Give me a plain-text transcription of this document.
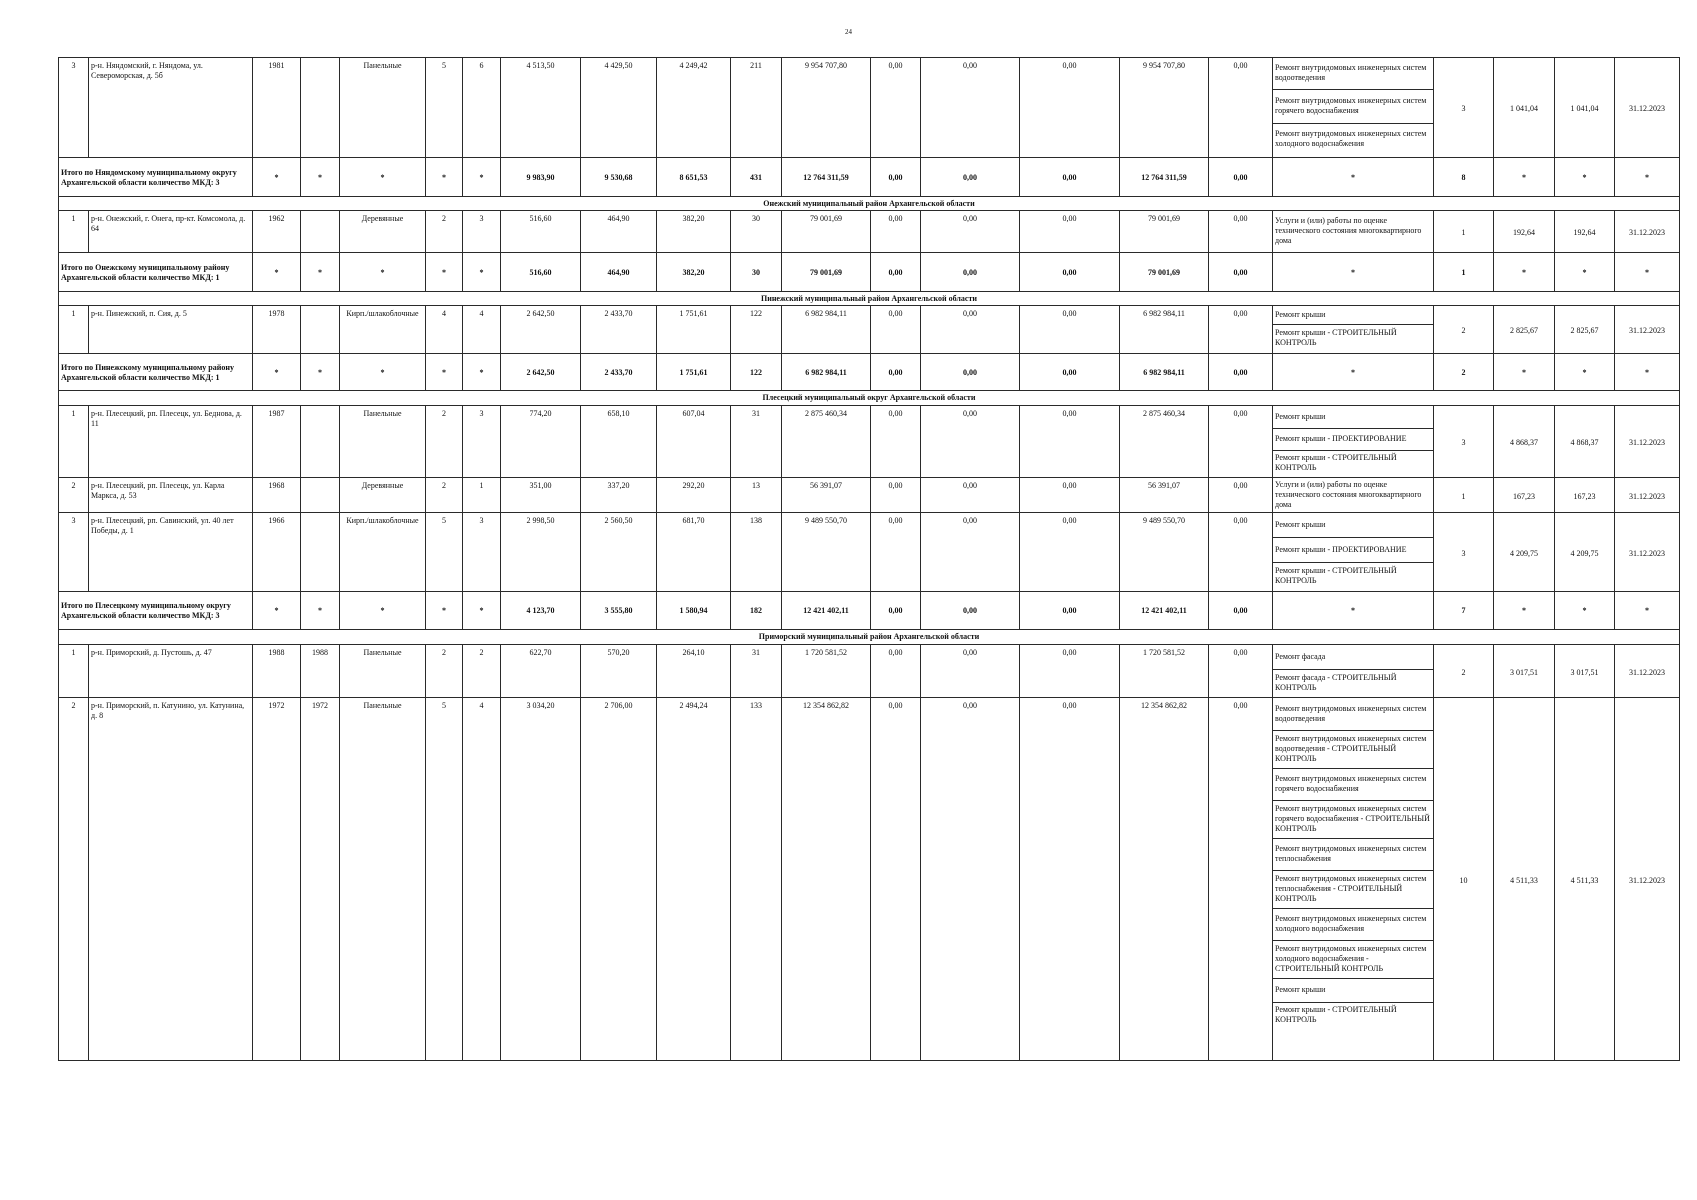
24
3	р-н. Няндомский, г. Няндома, ул. Североморская, д. 5б	1981		Панельные	5	6	4 513,50	4 429,50	4 249,42	211	9 954 707,80	0,00	0,00	0,00	9 954 707,80	0,00		Ремонт внутридомовых инженерных систем водоотведения
Ремонт внутридомовых инженерных систем горячего водоснабжения
Ремонт внутридомовых инженерных систем холодного водоснабжения
	3	1 041,04	1 041,04	31.12.2023
Итого по Няндомскому муниципальному округу Архангельской области количество МКД: 3	*	*	*	*	*	9 983,90	9 530,68	8 651,53	431	12 764 311,59	0,00	0,00	0,00	12 764 311,59	0,00	*	8	*	*	*
Онежский муниципальный район Архангельской области
1	р-н. Онежский, г. Онега, пр-кт. Комсомола, д. 64	1962		Деревянные	2	3	516,60	464,90	382,20	30	79 001,69	0,00	0,00	0,00	79 001,69	0,00		Услуги и (или) работы по оценке технического состояния многоквартирного дома
	1	192,64	192,64	31.12.2023
Итого по Онежскому муниципальному району Архангельской области количество МКД: 1	*	*	*	*	*	516,60	464,90	382,20	30	79 001,69	0,00	0,00	0,00	79 001,69	0,00	*	1	*	*	*
Пинежский муниципальный район Архангельской области
1	р-н. Пинежский, п. Сия, д. 5	1978		Кирп./шлакоблочные	4	4	2 642,50	2 433,70	1 751,61	122	6 982 984,11	0,00	0,00	0,00	6 982 984,11	0,00		Ремонт крыши
Ремонт крыши - СТРОИТЕЛЬНЫЙ КОНТРОЛЬ
	2	2 825,67	2 825,67	31.12.2023
Итого по Пинежскому муниципальному району Архангельской области количество МКД: 1	*	*	*	*	*	2 642,50	2 433,70	1 751,61	122	6 982 984,11	0,00	0,00	0,00	6 982 984,11	0,00	*	2	*	*	*
Плесецкий муниципальный округ Архангельской области
1	р-н. Плесецкий, рп. Плесецк, ул. Беднова, д. 11	1987		Панельные	2	3	774,20	658,10	607,04	31	2 875 460,34	0,00	0,00	0,00	2 875 460,34	0,00		Ремонт крыши
Ремонт крыши - ПРОЕКТИРОВАНИЕ
Ремонт крыши - СТРОИТЕЛЬНЫЙ КОНТРОЛЬ
	3	4 868,37	4 868,37	31.12.2023
2	р-н. Плесецкий, рп. Плесецк, ул. Карла Маркса, д. 53	1968		Деревянные	2	1	351,00	337,20	292,20	13	56 391,07	0,00	0,00	0,00	56 391,07	0,00		Услуги и (или) работы по оценке технического состояния многоквартирного дома
	1	167,23	167,23	31.12.2023
3	р-н. Плесецкий, рп. Савинский, ул. 40 лет Победы, д. 1	1966		Кирп./шлакоблочные	5	3	2 998,50	2 560,50	681,70	138	9 489 550,70	0,00	0,00	0,00	9 489 550,70	0,00		Ремонт крыши
Ремонт крыши - ПРОЕКТИРОВАНИЕ
Ремонт крыши - СТРОИТЕЛЬНЫЙ КОНТРОЛЬ
	3	4 209,75	4 209,75	31.12.2023
Итого по Плесецкому муниципальному округу Архангельской области количество МКД: 3	*	*	*	*	*	4 123,70	3 555,80	1 580,94	182	12 421 402,11	0,00	0,00	0,00	12 421 402,11	0,00	*	7	*	*	*
Приморский муниципальный район Архангельской области
1	р-н. Приморский, д. Пустошь, д. 47	1988	1988	Панельные	2	2	622,70	570,20	264,10	31	1 720 581,52	0,00	0,00	0,00	1 720 581,52	0,00		Ремонт фасада
Ремонт фасада - СТРОИТЕЛЬНЫЙ КОНТРОЛЬ
	2	3 017,51	3 017,51	31.12.2023
2	р-н. Приморский, п. Катунино, ул. Катунина, д. 8	1972	1972	Панельные	5	4	3 034,20	2 706,00	2 494,24	133	12 354 862,82	0,00	0,00	0,00	12 354 862,82	0,00		Ремонт внутридомовых инженерных систем водоотведения
Ремонт внутридомовых инженерных систем водоотведения - СТРОИТЕЛЬНЫЙ КОНТРОЛЬ
Ремонт внутридомовых инженерных систем горячего водоснабжения
Ремонт внутридомовых инженерных систем горячего водоснабжения - СТРОИТЕЛЬНЫЙ КОНТРОЛЬ
Ремонт внутридомовых инженерных систем теплоснабжения
Ремонт внутридомовых инженерных систем теплоснабжения - СТРОИТЕЛЬНЫЙ КОНТРОЛЬ
Ремонт внутридомовых инженерных систем холодного водоснабжения
Ремонт внутридомовых инженерных систем холодного водоснабжения - СТРОИТЕЛЬНЫЙ КОНТРОЛЬ
Ремонт крыши
Ремонт крыши - СТРОИТЕЛЬНЫЙ КОНТРОЛЬ
	10	4 511,33	4 511,33	31.12.2023
